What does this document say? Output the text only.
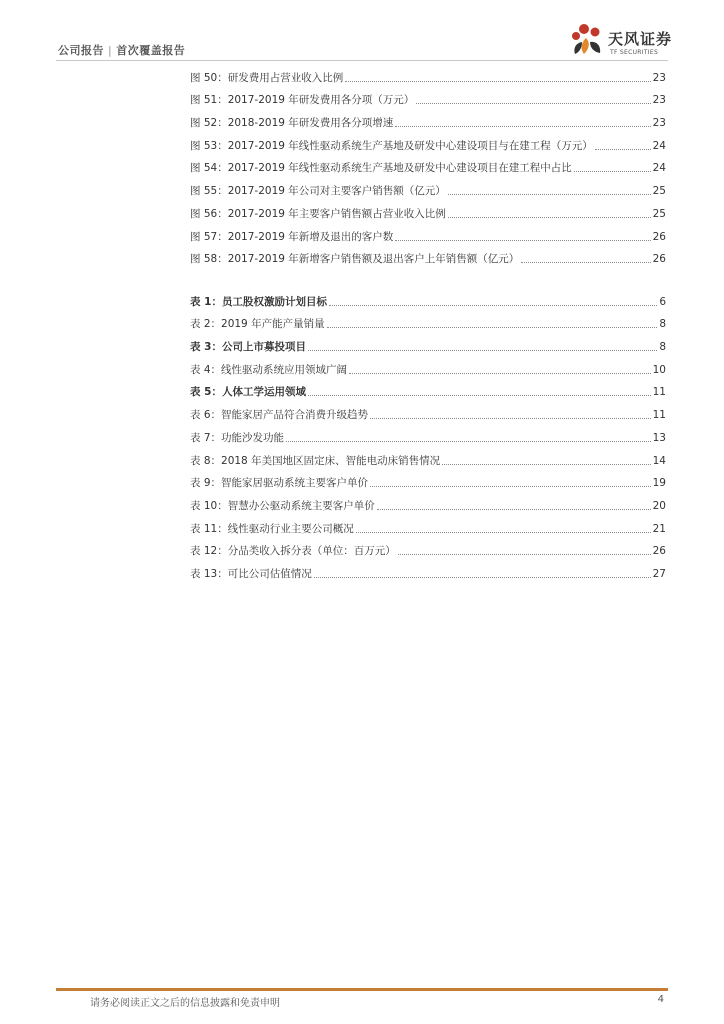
公司报告 | 首次覆盖报告
天风证券
TF SECURITIES
图 50：研发费用占营业收入比例	23
图 51：2017-2019 年研发费用各分项（万元）	23
图 52：2018-2019 年研发费用各分项增速	23
图 53：2017-2019 年线性驱动系统生产基地及研发中心建设项目与在建工程（万元）	24
图 54：2017-2019 年线性驱动系统生产基地及研发中心建设项目在建工程中占比	24
图 55：2017-2019 年公司对主要客户销售额（亿元）	25
图 56：2017-2019 年主要客户销售额占营业收入比例	25
图 57：2017-2019 年新增及退出的客户数	26
图 58：2017-2019 年新增客户销售额及退出客户上年销售额（亿元）	26
表 1：员工股权激励计划目标	6
表 2：2019 年产能产量销量	8
表 3：公司上市募投项目	8
表 4：线性驱动系统应用领域广阔	10
表 5：人体工学运用领域	11
表 6：智能家居产品符合消费升级趋势	11
表 7：功能沙发功能	13
表 8：2018 年美国地区固定床、智能电动床销售情况	14
表 9：智能家居驱动系统主要客户单价	19
表 10：智慧办公驱动系统主要客户单价	20
表 11：线性驱动行业主要公司概况	21
表 12：分品类收入拆分表（单位：百万元）	26
表 13：可比公司估值情况	27
请务必阅读正文之后的信息披露和免责申明	4
